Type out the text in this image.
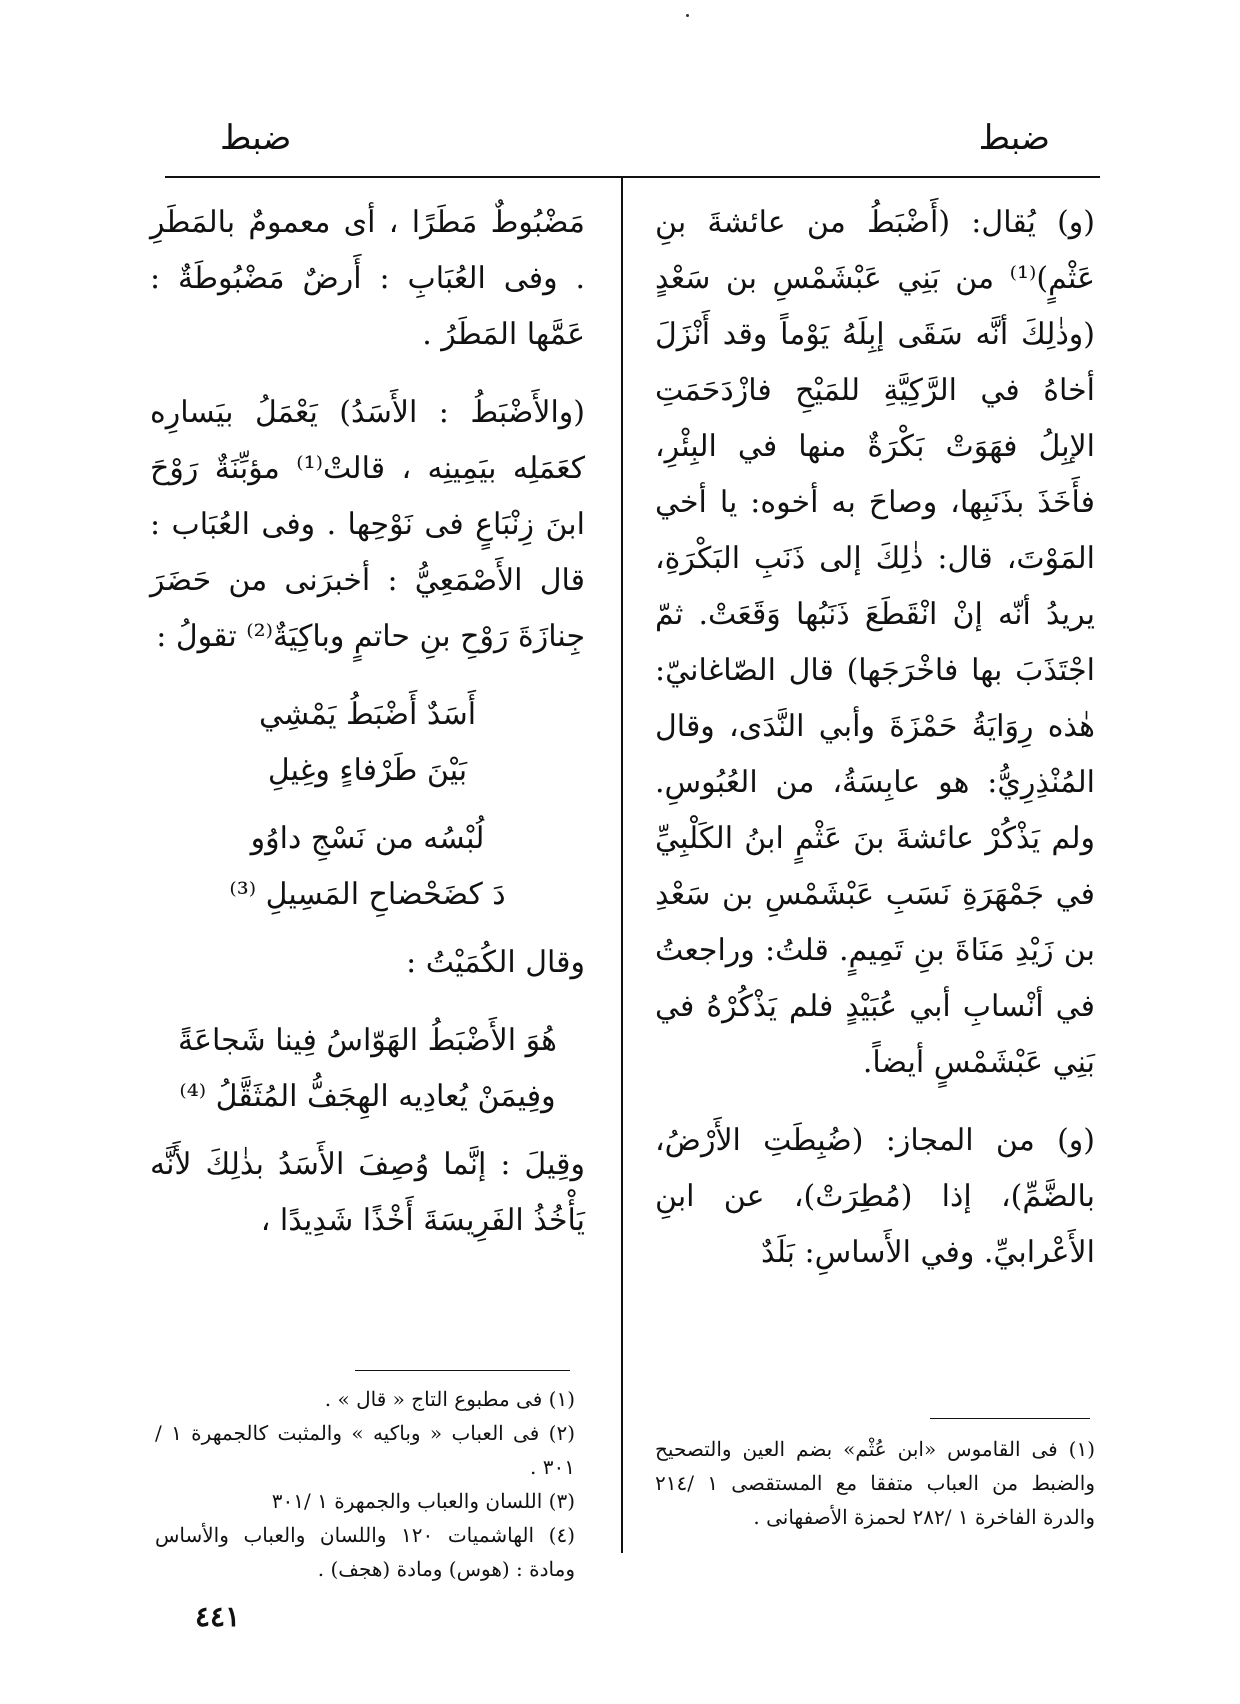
ضبط
ضبط

(و) يُقال: (أَضْبَطُ من عائشةَ بنِ عَثْمٍ)⁽¹⁾ من بَنِي عَبْشَمْسِ بن سَعْدٍ (وذٰلِكَ أنَّه سَقَى إبِلَهُ يَوْماً وقد أَنْزَلَ أخاهُ في الرَّكِيَّةِ للمَيْحِ فازْدَحَمَتِ الإبِلُ فهَوَتْ بَكْرَةٌ منها في البِئْرِ، فأَخَذَ بذَنَبِها، وصاحَ به أخوه: يا أخي المَوْتَ، قال: ذٰلِكَ إلى ذَنَبِ البَكْرَةِ، يريدُ أنّه إنْ انْقَطَعَ ذَنَبُها وَقَعَتْ. ثمّ اجْتَذَبَ بها فاخْرَجَها) قال الصّاغانيّ: هٰذه رِوَايَةُ حَمْزَةَ وأبي النَّدَى، وقال المُنْذِرِيُّ: هو عابِسَةُ، من العُبُوسِ. ولم يَذْكُرْ عائشةَ بنَ عَثْمٍ ابنُ الكَلْبِيِّ في جَمْهَرَةِ نَسَبِ عَبْشَمْسِ بن سَعْدِ بن زَيْدِ مَنَاةَ بنِ تَمِيمٍ. قلتُ: وراجعتُ في أنْسابِ أبي عُبَيْدٍ فلم يَذْكُرْهُ في بَنِي عَبْشَمْسٍ أيضاً.

(و) من المجاز: (ضُبِطَتِ الأَرْضُ، بالضَّمِّ)، إذا (مُطِرَتْ)، عن ابنِ الأَعْرابيِّ. وفي الأَساسِ: بَلَدٌ

(١) فى القاموس «ابن عُثْم» بضم العين والتصحيح والضبط من العباب متفقا مع المستقصى ١ /٢١٤ والدرة الفاخرة ١ /٢٨٢ لحمزة الأصفهانى .

مَضْبُوطٌ مَطَرًا ، أى معمومٌ بالمَطَرِ . وفى العُبَابِ : أَرضٌ مَضْبُوطَةٌ : عَمَّها المَطَرُ .

(والأَضْبَطُ : الأَسَدُ) يَعْمَلُ بيَسارِه كعَمَلِه بيَمِينِه ، قالتْ⁽¹⁾ مؤبِّنَةٌ رَوْحَ ابنَ زِنْبَاعٍ فى نَوْحِها . وفى العُبَاب : قال الأَصْمَعِيُّ : أخبرَنى من حَضَرَ جِنازَةَ رَوْحِ بنِ حاتمٍ وباكِيَةٌ⁽²⁾ تقولُ :

أَسَدٌ أَضْبَطُ يَمْشِي
بَيْنَ طَرْفاءٍ وغِيلِ
لُبْسُه من نَسْجِ داوُو
دَ كضَحْضاحِ المَسِيلِ ⁽³⁾

وقال الكُمَيْتُ :

هُوَ الأَضْبَطُ الهَوّاسُ فِينا شَجاعَةً
وفِيمَنْ يُعادِيه الهِجَفُّ المُثَقَّلُ ⁽⁴⁾

وقِيلَ : إنَّما وُصِفَ الأَسَدُ بذٰلِكَ لأَنَّه يَأْخُذُ الفَرِيسَةَ أَخْذًا شَدِيدًا ،

(١) فى مطبوع التاج « قال » .
(٢) فى العباب « وباكيه » والمثبت كالجمهرة ١ /٣٠١ .
(٣) اللسان والعباب والجمهرة ١ /٣٠١
(٤) الهاشميات ١٢٠ واللسان والعباب والأساس ومادة : (هوس) ومادة (هجف) .
٤٤١
